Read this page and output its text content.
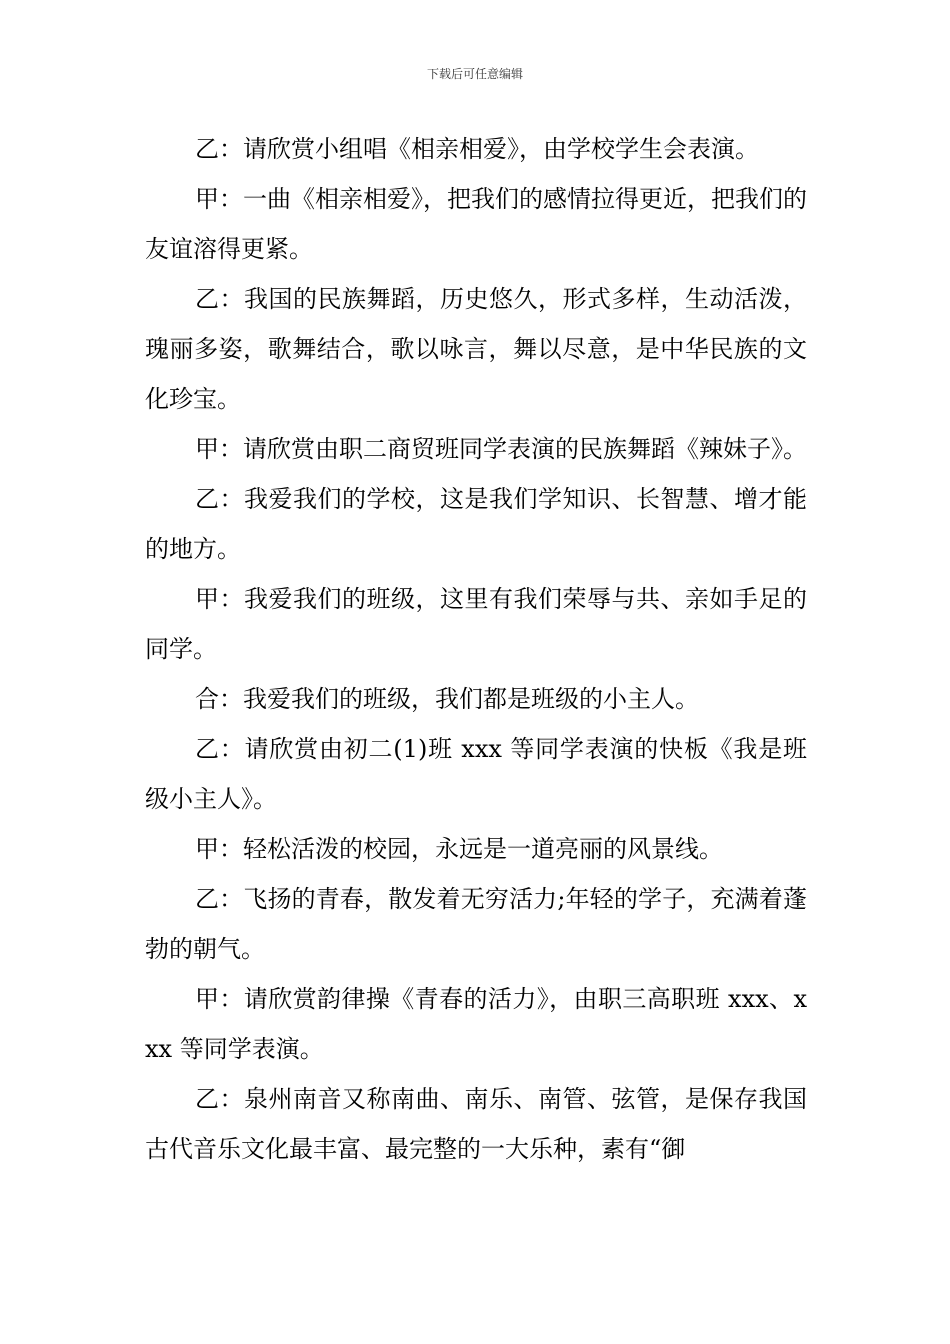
下载后可任意编辑

乙：请欣赏小组唱《相亲相爱》，由学校学生会表演。

甲：一曲《相亲相爱》，把我们的感情拉得更近，把我们的友谊溶得更紧。

乙：我国的民族舞蹈，历史悠久，形式多样，生动活泼，瑰丽多姿，歌舞结合，歌以咏言，舞以尽意，是中华民族的文化珍宝。

甲：请欣赏由职二商贸班同学表演的民族舞蹈《辣妹子》。

乙：我爱我们的学校，这是我们学知识、长智慧、增才能的地方。

甲：我爱我们的班级，这里有我们荣辱与共、亲如手足的同学。

合：我爱我们的班级，我们都是班级的小主人。

乙：请欣赏由初二(1)班 xxx 等同学表演的快板《我是班级小主人》。

甲：轻松活泼的校园，永远是一道亮丽的风景线。

乙：飞扬的青春，散发着无穷活力;年轻的学子，充满着蓬勃的朝气。

甲：请欣赏韵律操《青春的活力》，由职三高职班 xxx、xxx 等同学表演。

乙：泉州南音又称南曲、南乐、南管、弦管，是保存我国古代音乐文化最丰富、最完整的一大乐种，素有“御
